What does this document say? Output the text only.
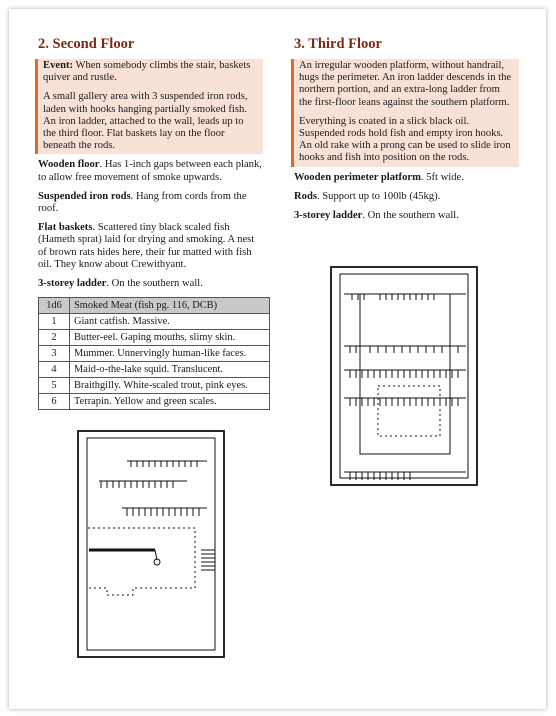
2. Second Floor

Event: When somebody climbs the stair, baskets quiver and rustle.

A small gallery area with 3 suspended iron rods, laden with hooks hanging partially smoked fish. An iron ladder, attached to the wall, leads up to the third floor. Flat baskets lay on the floor beneath the rods.

Wooden floor. Has 1-inch gaps between each plank, to allow free movement of smoke upwards.

Suspended iron rods. Hang from cords from the roof.

Flat baskets. Scattered tiny black scaled fish (Hameth sprat) laid for drying and smoking. A nest of brown rats hides here, their fur matted with fish oil. They know about Crewithyant.

3-storey ladder. On the southern wall.

1d6	Smoked Meat (fish pg. 116, DCB)
1	Giant catfish. Massive.
2	Butter-eel. Gaping mouths, slimy skin.
3	Mummer. Unnervingly human-like faces.
4	Maid-o-the-lake squid. Translucent.
5	Braithgilly. White-scaled trout, pink eyes.
6	Terrapin. Yellow and green scales.
3. Third Floor

An irregular wooden platform, without handrail, hugs the perimeter. An iron ladder descends in the northern portion, and an extra-long ladder from the first-floor leans against the southern platform.

Everything is coated in a slick black oil. Suspended rods hold fish and empty iron hooks. An old rake with a prong can be used to slide iron hooks and fish into position on the rods.

Wooden perimeter platform. 5ft wide.

Rods. Support up to 100lb (45kg).

3-storey ladder. On the southern wall.
